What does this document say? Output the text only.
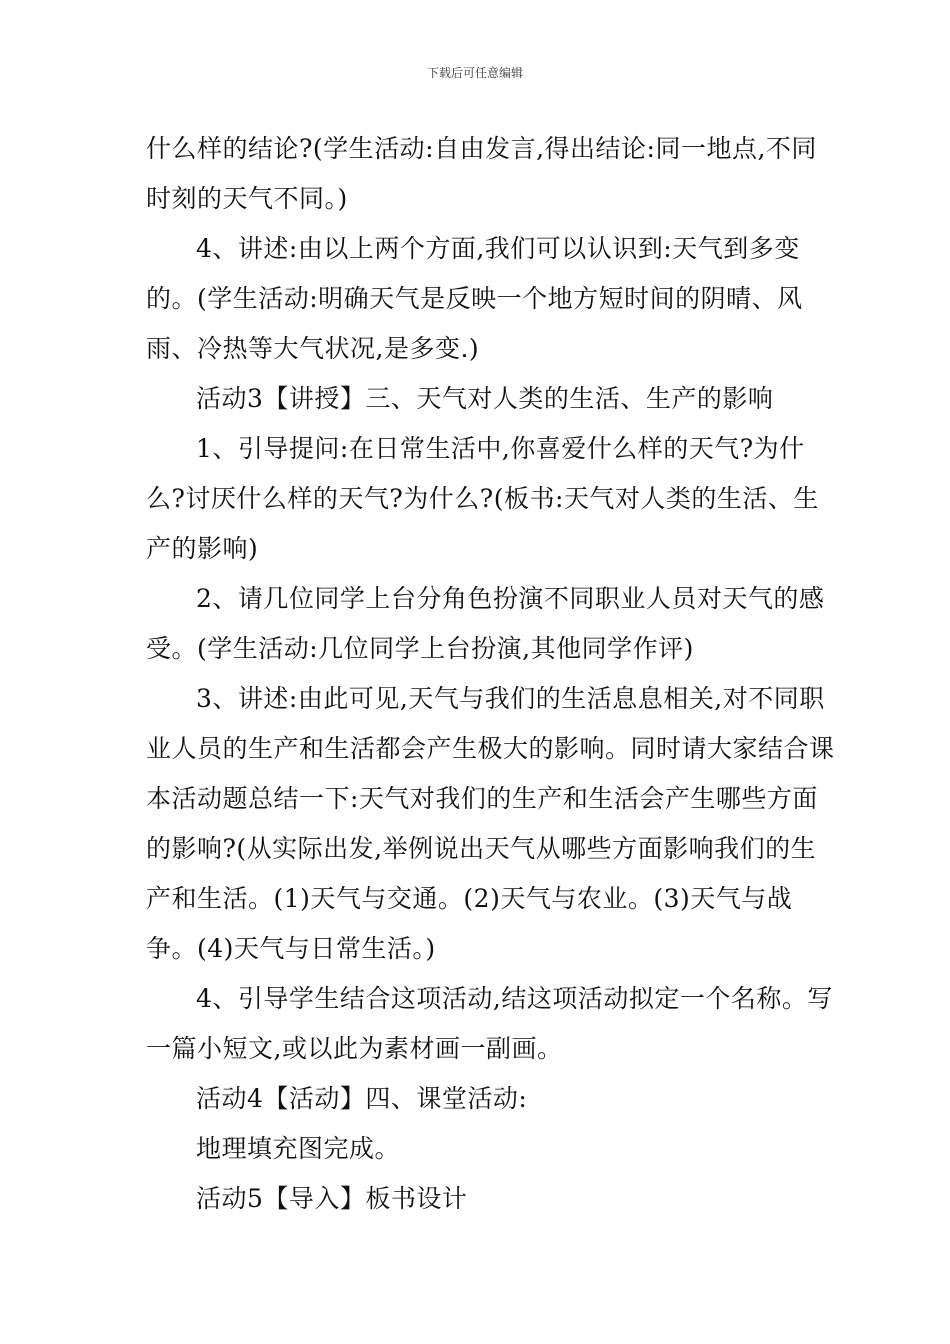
下载后可任意编辑

什么样的结论?(学生活动:自由发言,得出结论:同一地点,不同时刻的天气不同。)

4、讲述:由以上两个方面,我们可以认识到:天气到多变的。(学生活动:明确天气是反映一个地方短时间的阴晴、风雨、冷热等大气状况,是多变.)

活动3【讲授】三、天气对人类的生活、生产的影响

1、引导提问:在日常生活中,你喜爱什么样的天气?为什么?讨厌什么样的天气?为什么?(板书:天气对人类的生活、生产的影响)

2、请几位同学上台分角色扮演不同职业人员对天气的感受。(学生活动:几位同学上台扮演,其他同学作评)

3、讲述:由此可见,天气与我们的生活息息相关,对不同职业人员的生产和生活都会产生极大的影响。同时请大家结合课本活动题总结一下:天气对我们的生产和生活会产生哪些方面的影响?(从实际出发,举例说出天气从哪些方面影响我们的生产和生活。(1)天气与交通。(2)天气与农业。(3)天气与战争。(4)天气与日常生活。)

4、引导学生结合这项活动,结这项活动拟定一个名称。写一篇小短文,或以此为素材画一副画。

活动4【活动】四、课堂活动:

地理填充图完成。

活动5【导入】板书设计
